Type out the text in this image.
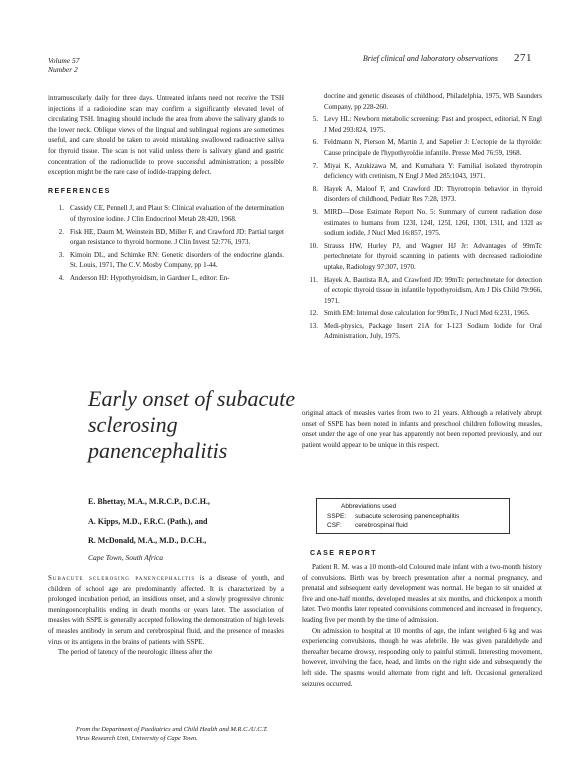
Volume 57
Number 2
Brief clinical and laboratory observations 271

intramuscularly daily for three days. Untreated infants need not receive the TSH injections if a radioiodine scan may confirm a significantly elevated level of circulating TSH. Imaging should include the area from above the salivary glands to the lower neck. Oblique views of the lingual and sublingual regions are sometimes useful, and care should be taken to avoid mistaking swallowed radioactive saliva for thyroid tissue. The scan is not valid unless there is salivary gland and gastric concentration of the radionuclide to prove successful administration; a possible exception might be the rare case of iodide-trapping defect.

REFERENCES
1. Cassidy CE, Pennell J, and Plaut S: Clinical evaluation of the determination of thyroxine iodine. J Clin Endocrinol Metab 28:420, 1968.
2. Fisk HE, Daum M, Weinstein BD, Miller F, and Crawford JD: Partial target organ resistance to thyroid hormone. J Clin Invest 52:776, 1973.
3. Kimoin DL, and Schimke RN: Genetic disorders of the endocrine glands. St. Louis, 1971, The C.V. Mosby Company, pp 1-44.
4. Anderson HJ: Hypothyroidism, in Gardner L, editor: En-
docrine and genetic diseases of childhood, Philadelphia, 1975, WB Saunders Company, pp 228-260.
5. Levy HL: Newborn metabolic screening: Past and prospect, editorial, N Engl J Med 293:824, 1975.
6. Feldmann N, Pierson M, Martin J, and Sapelier J: L'ectopie de la thyroïde: Cause principale de l'hypothyroïdie infantile. Presse Med 76:59, 1968.
7. Miyai K, Azukizawa M, and Kumahara Y: Familial isolated thyrotropin deficiency with cretinism, N Engl J Med 285:1043, 1971.
8. Hayek A, Maloof F, and Crawford JD: Thyrotropin behavior in thyroid disorders of childhood, Pediatr Res 7:28, 1973.
9. MIRD—Dose Estimate Report No. 5: Summary of current radiation dose estimates to humans from 123I, 124I, 125I, 126I, 130I, 131I, and 132I as sodium iodide, J Nucl Med 16:857, 1975.
10. Strauss HW, Hurley PJ, and Wagner HJ Jr: Advantages of 99mTc pertechnetate for thyroid scanning in patients with decreased radioiodine uptake, Radiology 97:307, 1970.
11. Hayek A, Bautista RA, and Crawford JD: 99mTc pertechnetate for detection of ectopic thyroid tissue in infantile hypothyroidism, Am J Dis Child 79:966, 1971.
12. Smith EM: Internal dose calculation for 99mTc, J Nucl Med 6:231, 1965.
13. Medi-physics, Package Insert 21A for I-123 Sodium Iodide for Oral Administration, July, 1975.
Early onset of subacute sclerosing panencephalitis
E. Bhettay, M.A., M.R.C.P., D.C.H.,
A. Kipps, M.D., F.R.C. (Path.), and
R. McDonald, M.A., M.D., D.C.H.,
Cape Town, South Africa

Subacute sclerosing panencephalitis is a disease of youth, and children of school age are predominantly affected. It is characterized by a prolonged incubation period, an insidious onset, and a slowly progressive chronic meningoencephalitis ending in death months or years later. The association of measles with SSPE is generally accepted following the demonstration of high levels of measles antibody in serum and cerebrospinal fluid, and the presence of measles virus or its antigens in the brains of patients with SSPE.

The period of latency of the neurologic illness after the

From the Department of Paediatrics and Child Health and M.R.C./U.C.T. Virus Research Unit, University of Cape Town.

original attack of measles varies from two to 21 years. Although a relatively abrupt onset of SSPE has been noted in infants and preschool children following measles, onset under the age of one year has apparently not been reported previously, and our patient would appear to be unique in this respect.

Abbreviations used
SSPE:	subacute sclerosing panencephalitis
CSF:	cerebrospinal fluid
CASE REPORT

Patient R. M. was a 10 month-old Coloured male infant with a two-month history of convulsions. Birth was by breech presentation after a normal pregnancy, and prenatal and subsequent early development was normal. He began to sit unaided at five and one-half months, developed measles at six months, and chickenpox a month later. Two months later repeated convulsions commenced and increased in frequency, leading five per month by the time of admission.

On admission to hospital at 10 months of age, the infant weighed 6 kg and was experiencing convulsions, though he was afebrile. He was given paraldehyde and thereafter became drowsy, responding only to painful stimuli. Interesting movement, however, involving the face, head, and limbs on the right side and subsequently the left side. The spasms would alternate from right and left. Occasional generalized seizures occurred.
